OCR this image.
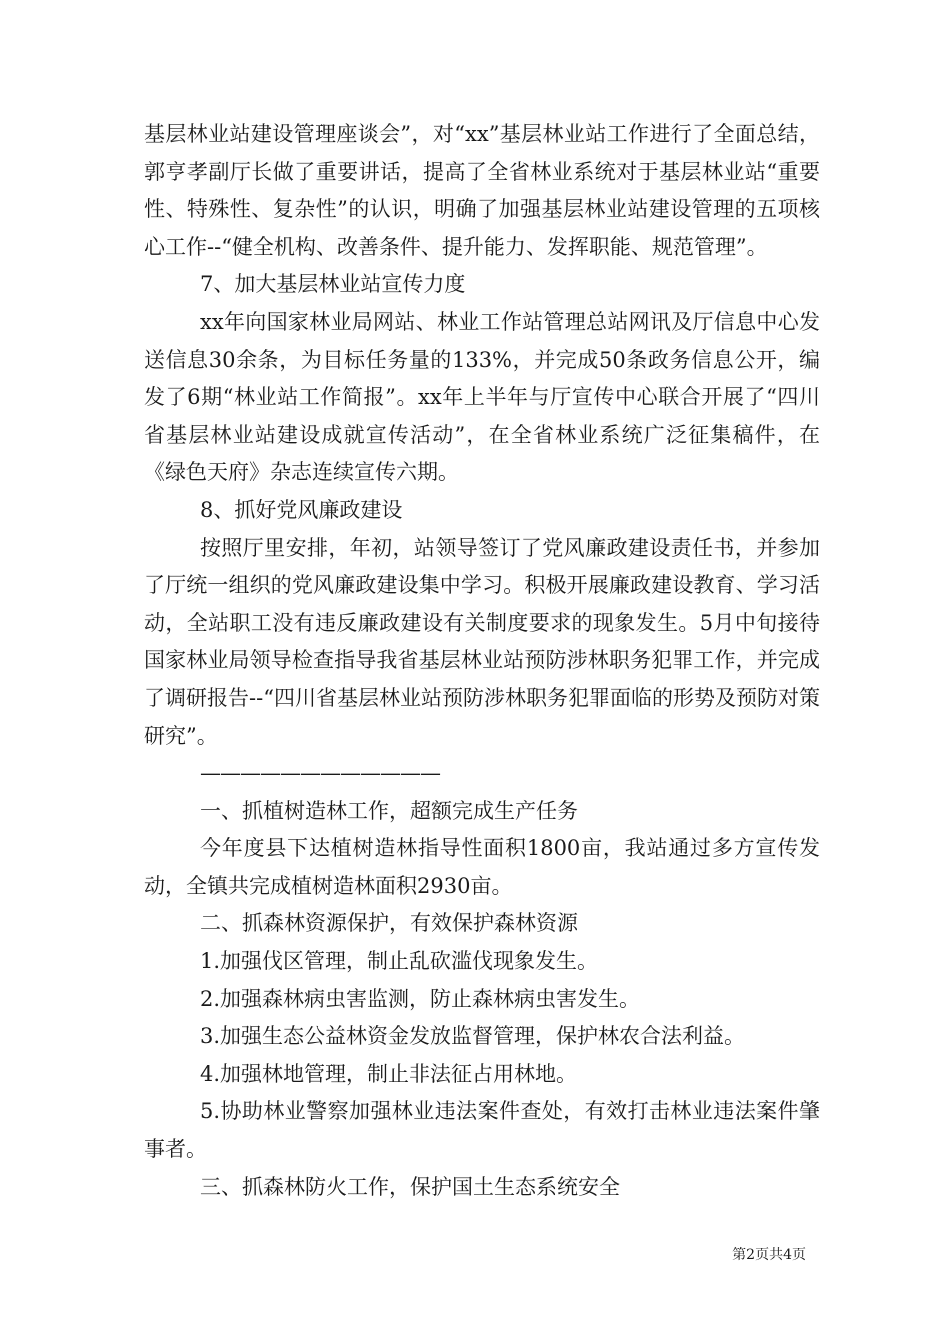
基层林业站建设管理座谈会”，对“xx”基层林业站工作进行了全面总结，郭亨孝副厅长做了重要讲话，提高了全省林业系统对于基层林业站“重要性、特殊性、复杂性”的认识，明确了加强基层林业站建设管理的五项核心工作--“健全机构、改善条件、提升能力、发挥职能、规范管理”。

7、加大基层林业站宣传力度

xx年向国家林业局网站、林业工作站管理总站网讯及厅信息中心发送信息30余条，为目标任务量的133%，并完成50条政务信息公开，编发了6期“林业站工作简报”。xx年上半年与厅宣传中心联合开展了“四川省基层林业站建设成就宣传活动”，在全省林业系统广泛征集稿件，在《绿色天府》杂志连续宣传六期。

8、抓好党风廉政建设

按照厅里安排，年初，站领导签订了党风廉政建设责任书，并参加了厅统一组织的党风廉政建设集中学习。积极开展廉政建设教育、学习活动，全站职工没有违反廉政建设有关制度要求的现象发生。5月中旬接待国家林业局领导检查指导我省基层林业站预防涉林职务犯罪工作，并完成了调研报告--“四川省基层林业站预防涉林职务犯罪面临的形势及预防对策研究”。

————————————

一、抓植树造林工作，超额完成生产任务

今年度县下达植树造林指导性面积1800亩，我站通过多方宣传发动，全镇共完成植树造林面积2930亩。

二、抓森林资源保护，有效保护森林资源

1.加强伐区管理，制止乱砍滥伐现象发生。

2.加强森林病虫害监测，防止森林病虫害发生。

3.加强生态公益林资金发放监督管理，保护林农合法利益。

4.加强林地管理，制止非法征占用林地。

5.协助林业警察加强林业违法案件查处，有效打击林业违法案件肇事者。

三、抓森林防火工作，保护国土生态系统安全

第2页共4页
